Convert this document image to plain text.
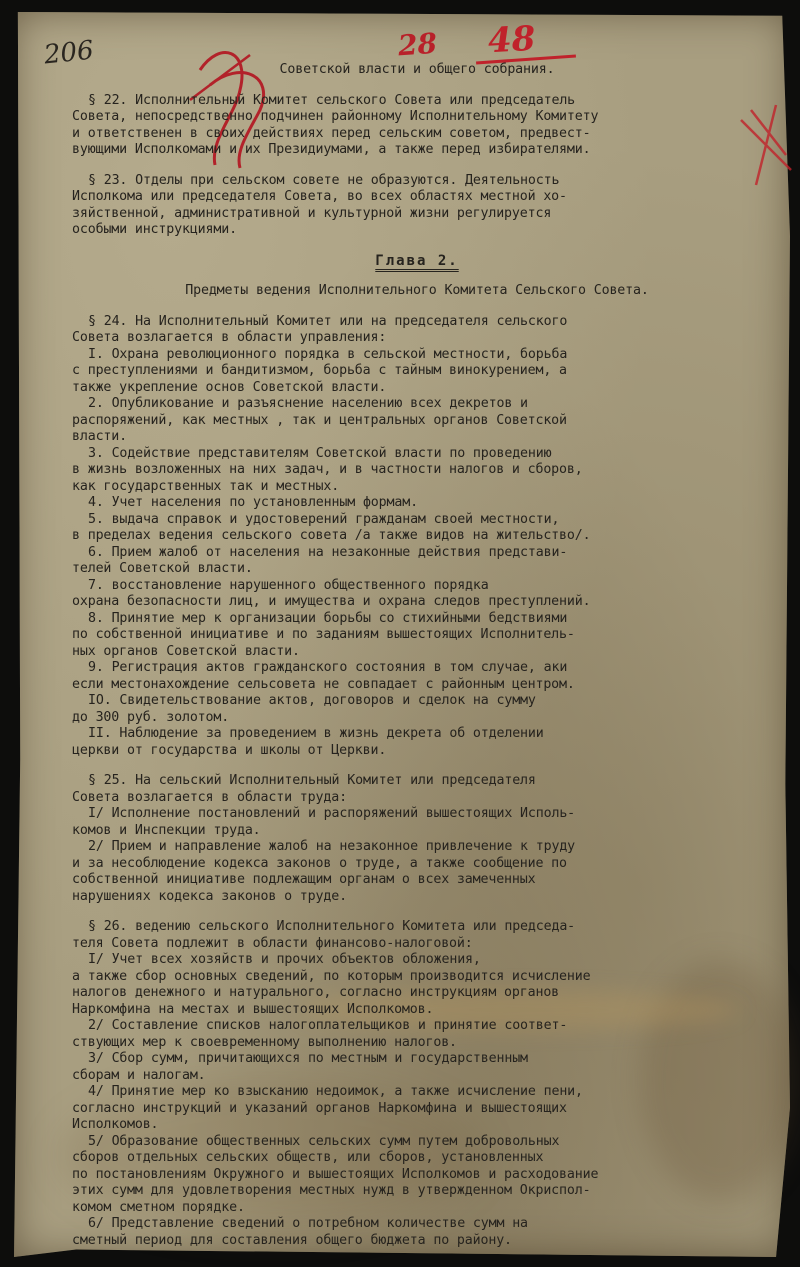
206	28 48
Советской власти и общего собрания.
§ 22. Исполнительный Комитет сельского Совета или председатель
Совета, непосредственно подчинен районному Исполнительному Комитету
и ответственен в своих действиях перед сельским советом, предвест-
вующими Исполкомами и их Президиумами, а также перед избирателями.
§ 23. Отделы при сельском совете не образуются. Деятельность
Исполкома или председателя Совета, во всех областях местной хо-
зяйственной, административной и культурной жизни регулируется
особыми инструкциями.
Глава 2.
Предметы ведения Исполнительного Комитета Сельского Совета.
§ 24. На Исполнительный Комитет или на председателя сельского
Совета возлагается в области управления:
I. Охрана революционного порядка в сельской местности, борьба
с преступлениями и бандитизмом, борьба с тайным винокурением, а
также укрепление основ Советской власти.
2. Опубликование и разъяснение населению всех декретов и
распоряжений, как местных , так и центральных органов Советской
власти.
3. Содействие представителям Советской власти по проведению
в жизнь возложенных на них задач, и в частности налогов и сборов,
как государственных так и местных.
4. Учет населения по установленным формам.
5. выдача справок и удостоверений гражданам своей местности,
в пределах ведения сельского совета /а также видов на жительство/.
6. Прием жалоб от населения на незаконные действия представи-
телей Советской власти.
7. восстановление нарушенного общественного порядка
охрана безопасности лиц, и имущества и охрана следов преступлений.
8. Принятие мер к организации борьбы со стихийными бедствиями
по собственной инициативе и по заданиям вышестоящих Исполнитель-
ных органов Советской власти.
9. Регистрация актов гражданского состояния в том случае, аки
если местонахождение сельсовета не совпадает с районным центром.
IO. Свидетельствование актов, договоров и сделок на сумму
до 300 руб. золотом.
II. Наблюдение за проведением в жизнь декрета об отделении
церкви от государства и школы от Церкви.
§ 25. На сельский Исполнительный Комитет или председателя
Совета возлагается в области труда:
I/ Исполнение постановлений и распоряжений вышестоящих Исполь-
комов и Инспекции труда.
2/ Прием и направление жалоб на незаконное привлечение к труду
и за несоблюдение кодекса законов о труде, а также сообщение по
собственной инициативе подлежащим органам о всех замеченных
нарушениях кодекса законов о труде.
§ 26. ведению сельского Исполнительного Комитета или председа-
теля Совета подлежит в области финансово-налоговой:
I/ Учет всех хозяйств и прочих объектов обложения,
а также сбор основных сведений, по которым производится исчисление
налогов денежного и натурального, согласно инструкциям органов
Наркомфина на местах и вышестоящих Исполкомов.
2/ Составление списков налогоплательщиков и принятие соответ-
ствующих мер к своевременному выполнению налогов.
3/ Сбор сумм, причитающихся по местным и государственным
сборам и налогам.
4/ Принятие мер ко взысканию недоимок, а также исчисление пени,
согласно инструкций и указаний органов Наркомфина и вышестоящих
Исполкомов.
5/ Образование общественных сельских сумм путем добровольных
сборов отдельных сельских обществ, или сборов, установленных
по постановлениям Окружного и вышестоящих Исполкомов и расходование
этих сумм для удовлетворения местных нужд в утвержденном Окриспол-
комом сметном порядке.
6/ Представление сведений о потребном количестве сумм на
сметный период для составления общего бюджета по району.
